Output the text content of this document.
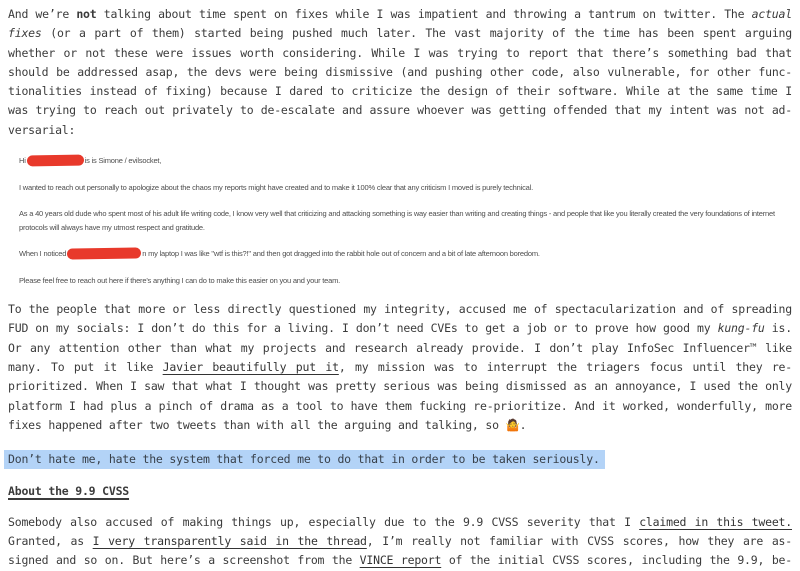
And we’re not talking about time spent on fixes while I was impatient and throwing a tantrum on twitter. The actual
fixes (or a part of them) started being pushed much later. The vast majority of the time has been spent arguing
whether or not these were issues worth considering. While I was trying to report that there’s something bad that
should be addressed asap, the devs were being dismissive (and pushing other code, also vulnerable, for other func-
tionalities instead of fixing) because I dared to criticize the design of their software. While at the same time I
was trying to reach out privately to de-escalate and assure whoever was getting offended that my intent was not ad-
versarial:

Hi	is is Simone / evilsocket,

I wanted to reach out personally to apologize about the chaos my reports might have created and to make it 100% clear that any criticism I moved is purely technical.

As a 40 years old dude who spent most of his adult life writing code, I know very well that criticizing and attacking something is way easier than writing and creating things - and people that like you literally created the very foundations of internet protocols will always have my utmost respect and gratitude.

When I noticed	n my laptop I was like "wtf is this?!" and then got dragged into the rabbit hole out of concern and a bit of late afternoon boredom.

Please feel free to reach out here if there's anything I can do to make this easier on you and your team.

To the people that more or less directly questioned my integrity, accused me of spectacularization and of spreading
FUD on my socials: I don’t do this for a living. I don’t need CVEs to get a job or to prove how good my kung-fu is.
Or any attention other than what my projects and research already provide. I don’t play InfoSec Influencer™ like
many. To put it like Javier beautifully put it, my mission was to interrupt the triagers focus until they re-
prioritized. When I saw that what I thought was pretty serious was being dismissed as an annoyance, I used the only
platform I had plus a pinch of drama as a tool to have them fucking re-prioritize. And it worked, wonderfully, more
fixes happened after two tweets than with all the arguing and talking, so 🤷.
Don’t hate me, hate the system that forced me to do that in order to be taken seriously.
About the 9.9 CVSS
Somebody also accused of making things up, especially due to the 9.9 CVSS severity that I claimed in this tweet.
Granted, as I very transparently said in the thread, I’m really not familiar with CVSS scores, how they are as-
signed and so on. But here’s a screenshot from the VINCE report of the initial CVSS scores, including the 9.9, be-
